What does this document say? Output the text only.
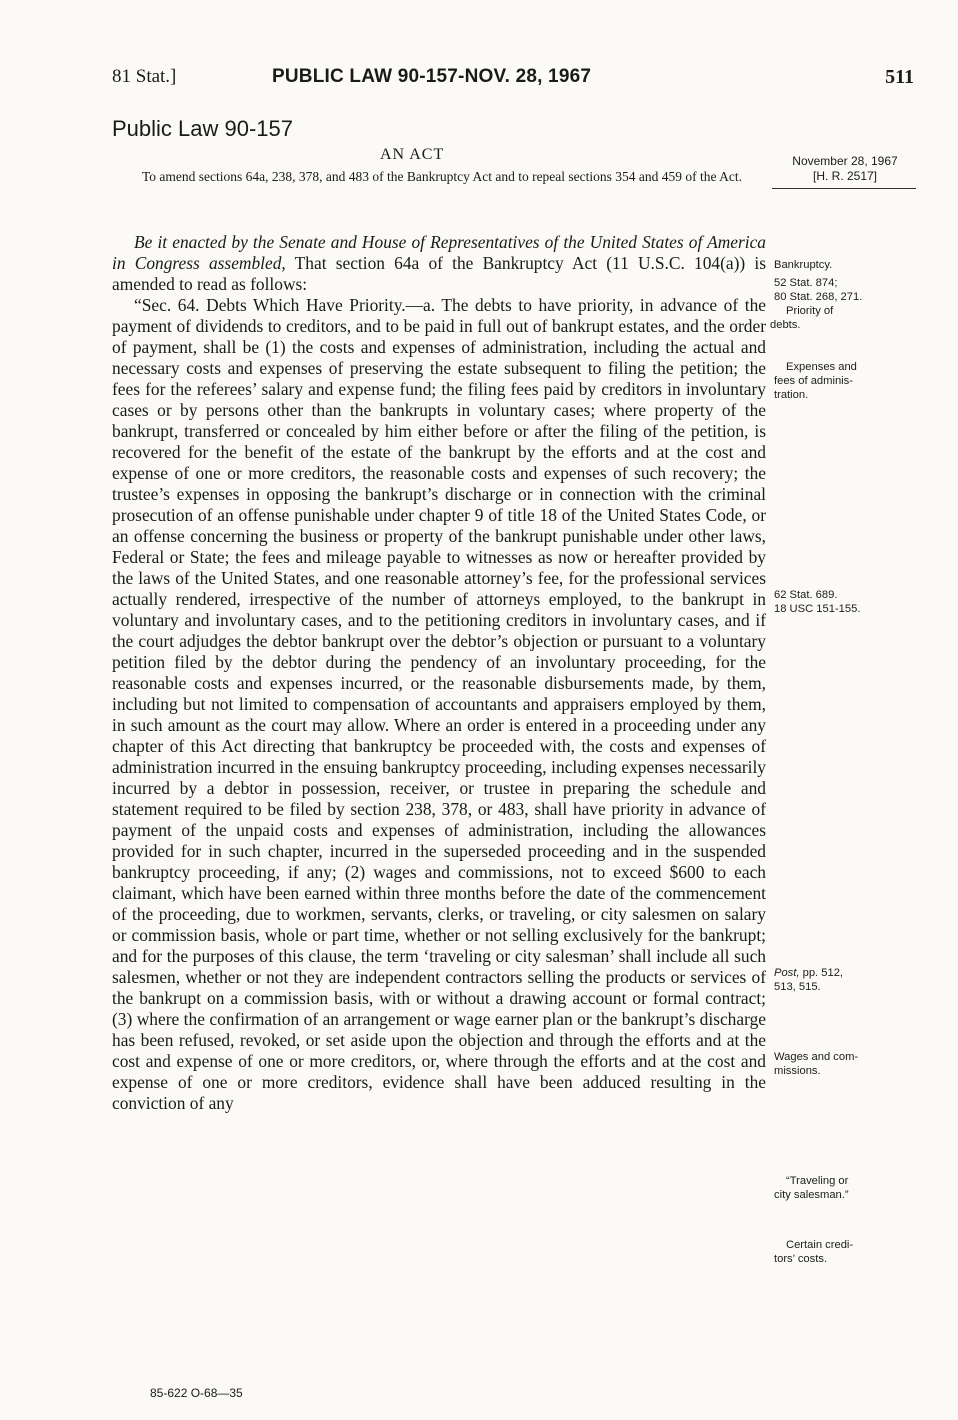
81 Stat.]	PUBLIC LAW 90-157-NOV. 28, 1967	511
Public Law 90-157
AN ACT
To amend sections 64a, 238, 378, and 483 of the Bankruptcy Act and to repeal sections 354 and 459 of the Act.
November 28, 1967
[H. R. 2517]

Be it enacted by the Senate and House of Representatives of the United States of America in Congress assembled, That section 64a of the Bankruptcy Act (11 U.S.C. 104(a)) is amended to read as follows:

“Sec. 64. Debts Which Have Priority.—a. The debts to have priority, in advance of the payment of dividends to creditors, and to be paid in full out of bankrupt estates, and the order of payment, shall be (1) the costs and expenses of administration, including the actual and necessary costs and expenses of preserving the estate subsequent to filing the petition; the fees for the referees’ salary and expense fund; the filing fees paid by creditors in involuntary cases or by persons other than the bankrupts in voluntary cases; where property of the bankrupt, transferred or concealed by him either before or after the filing of the petition, is recovered for the benefit of the estate of the bankrupt by the efforts and at the cost and expense of one or more creditors, the reasonable costs and expenses of such recovery; the trustee’s expenses in opposing the bankrupt’s discharge or in connection with the criminal prosecution of an offense punishable under chapter 9 of title 18 of the United States Code, or an offense concerning the business or property of the bankrupt punishable under other laws, Federal or State; the fees and mileage payable to witnesses as now or hereafter provided by the laws of the United States, and one reasonable attorney’s fee, for the professional services actually rendered, irrespective of the number of attorneys employed, to the bankrupt in voluntary and involuntary cases, and to the petitioning creditors in involuntary cases, and if the court adjudges the debtor bankrupt over the debtor’s objection or pursuant to a voluntary petition filed by the debtor during the pendency of an involuntary proceeding, for the reasonable costs and expenses incurred, or the reasonable disbursements made, by them, including but not limited to compensation of accountants and appraisers employed by them, in such amount as the court may allow. Where an order is entered in a proceeding under any chapter of this Act directing that bankruptcy be proceeded with, the costs and expenses of administration incurred in the ensuing bankruptcy proceeding, including expenses necessarily incurred by a debtor in possession, receiver, or trustee in preparing the schedule and statement required to be filed by section 238, 378, or 483, shall have priority in advance of payment of the unpaid costs and expenses of administration, including the allowances provided for in such chapter, incurred in the superseded proceeding and in the suspended bankruptcy proceeding, if any; (2) wages and commissions, not to exceed $600 to each claimant, which have been earned within three months before the date of the commencement of the proceeding, due to workmen, servants, clerks, or traveling, or city salesmen on salary or commission basis, whole or part time, whether or not selling exclusively for the bankrupt; and for the purposes of this clause, the term ‘traveling or city salesman’ shall include all such salesmen, whether or not they are independent contractors selling the products or services of the bankrupt on a commission basis, with or without a drawing account or formal contract; (3) where the confirmation of an arrangement or wage earner plan or the bankrupt’s discharge has been refused, revoked, or set aside upon the objection and through the efforts and at the cost and expense of one or more creditors, or, where through the efforts and at the cost and expense of one or more creditors, evidence shall have been adduced resulting in the conviction of any

Bankruptcy.
52 Stat. 874;
80 Stat. 268, 271.
Priority of
debts.
Expenses and
fees of adminis-
tration.
62 Stat. 689.
18 USC 151-155.
Post, pp. 512,
513, 515.
Wages and com-
missions.
“Traveling or
city salesman.”
Certain credi-
tors’ costs.
85-622 O-68—35
